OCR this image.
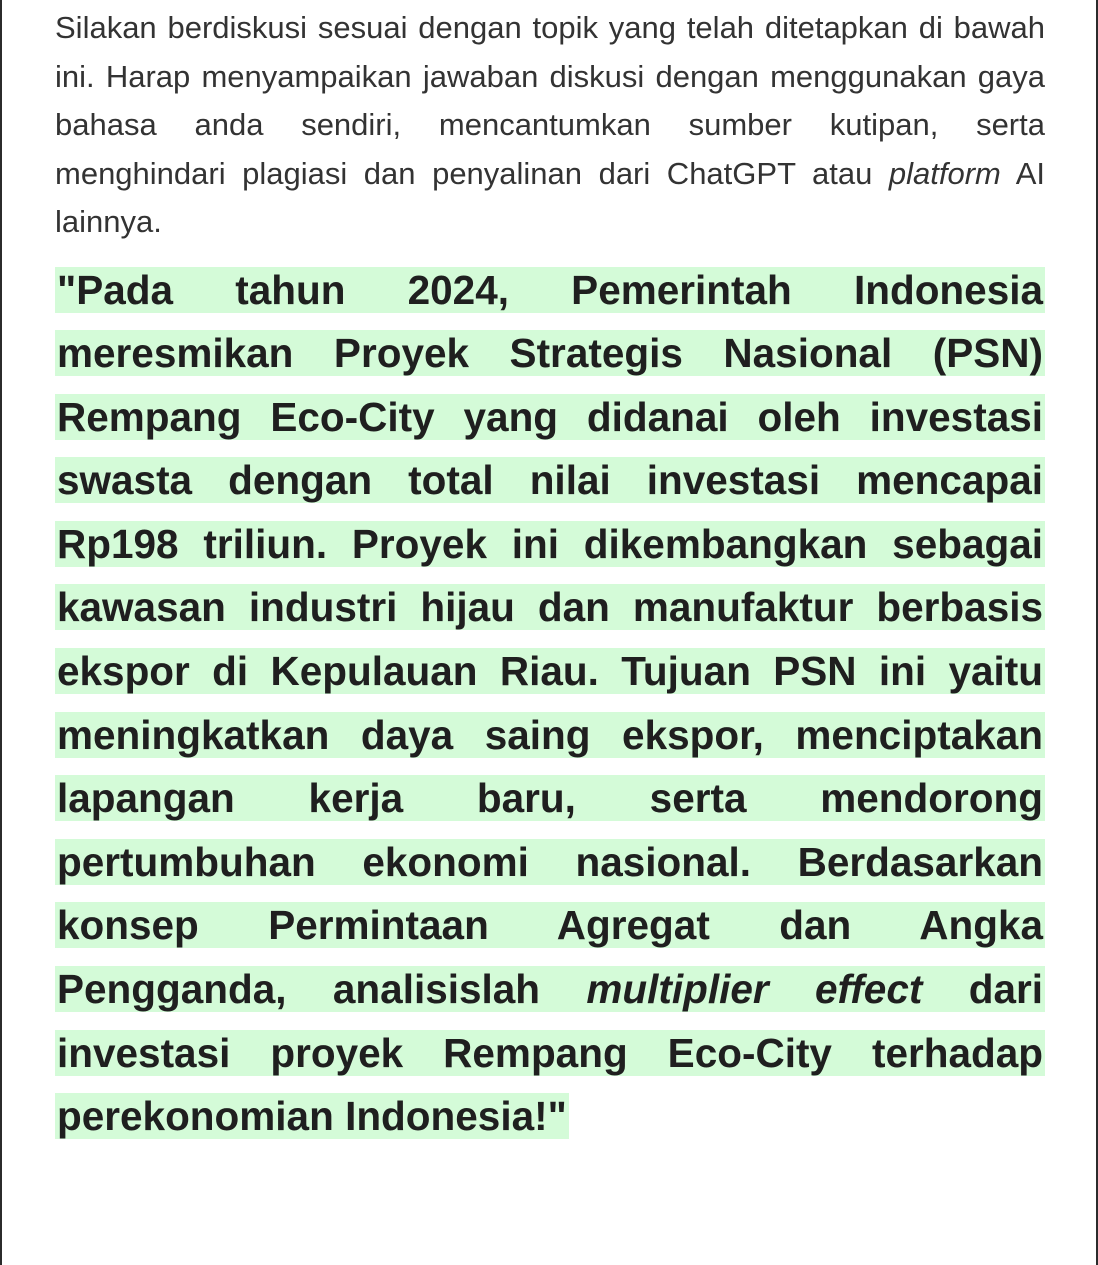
Silakan berdiskusi sesuai dengan topik yang telah ditetapkan di bawah ini. Harap menyampaikan jawaban diskusi dengan menggunakan gaya bahasa anda sendiri, mencantumkan sumber kutipan, serta menghindari plagiasi dan penyalinan dari ChatGPT atau platform AI lainnya.

"Pada tahun 2024, Pemerintah Indonesia meresmikan Proyek Strategis Nasional (PSN) Rempang Eco-City yang didanai oleh investasi swasta dengan total nilai investasi mencapai Rp198 triliun. Proyek ini dikembangkan sebagai kawasan industri hijau dan manufaktur berbasis ekspor di Kepulauan Riau. Tujuan PSN ini yaitu meningkatkan daya saing ekspor, menciptakan lapangan kerja baru, serta mendorong pertumbuhan ekonomi nasional. Berdasarkan konsep Permintaan Agregat dan Angka Pengganda, analisislah multiplier effect dari investasi proyek Rempang Eco-City terhadap perekonomian Indonesia!"
